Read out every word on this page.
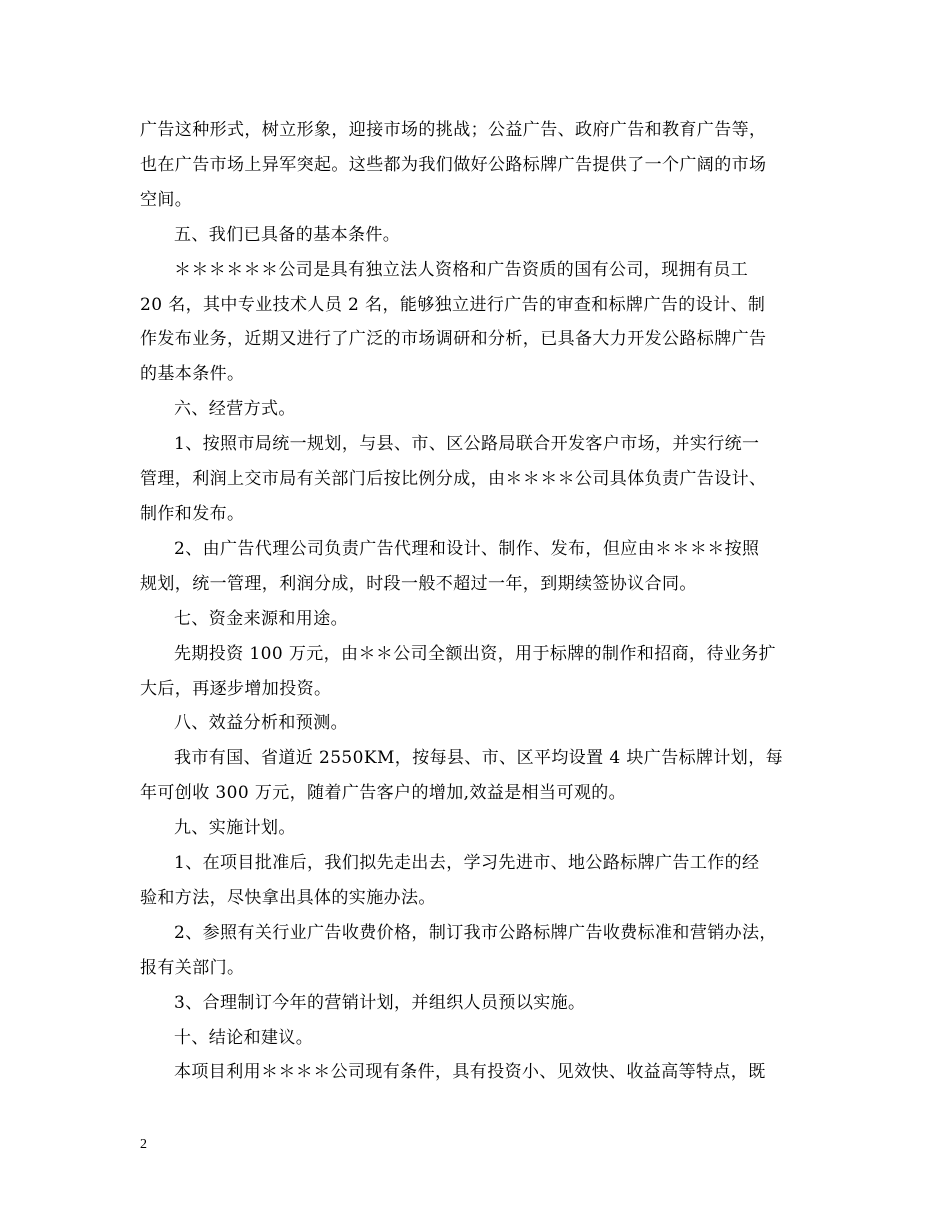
广告这种形式，树立形象，迎接市场的挑战；公益广告、政府广告和教育广告等，
也在广告市场上异军突起。这些都为我们做好公路标牌广告提供了一个广阔的市场
空间。
五、我们已具备的基本条件。
＊＊＊＊＊＊公司是具有独立法人资格和广告资质的国有公司，现拥有员工
20 名，其中专业技术人员 2 名，能够独立进行广告的审查和标牌广告的设计、制
作发布业务，近期又进行了广泛的市场调研和分析，已具备大力开发公路标牌广告
的基本条件。
六、经营方式。
1、按照市局统一规划，与县、市、区公路局联合开发客户市场，并实行统一
管理，利润上交市局有关部门后按比例分成，由＊＊＊＊公司具体负责广告设计、
制作和发布。
2、由广告代理公司负责广告代理和设计、制作、发布，但应由＊＊＊＊按照
规划，统一管理，利润分成，时段一般不超过一年，到期续签协议合同。
七、资金来源和用途。
先期投资 100 万元，由＊＊公司全额出资，用于标牌的制作和招商，待业务扩
大后，再逐步增加投资。
八、效益分析和预测。
我市有国、省道近 2550KM，按每县、市、区平均设置 4 块广告标牌计划，每
年可创收 300 万元，随着广告客户的增加,效益是相当可观的。
九、实施计划。
1、在项目批准后，我们拟先走出去，学习先进市、地公路标牌广告工作的经
验和方法，尽快拿出具体的实施办法。
2、参照有关行业广告收费价格，制订我市公路标牌广告收费标准和营销办法，
报有关部门。
3、合理制订今年的营销计划，并组织人员预以实施。
十、结论和建议。
本项目利用＊＊＊＊公司现有条件，具有投资小、见效快、收益高等特点，既
2
